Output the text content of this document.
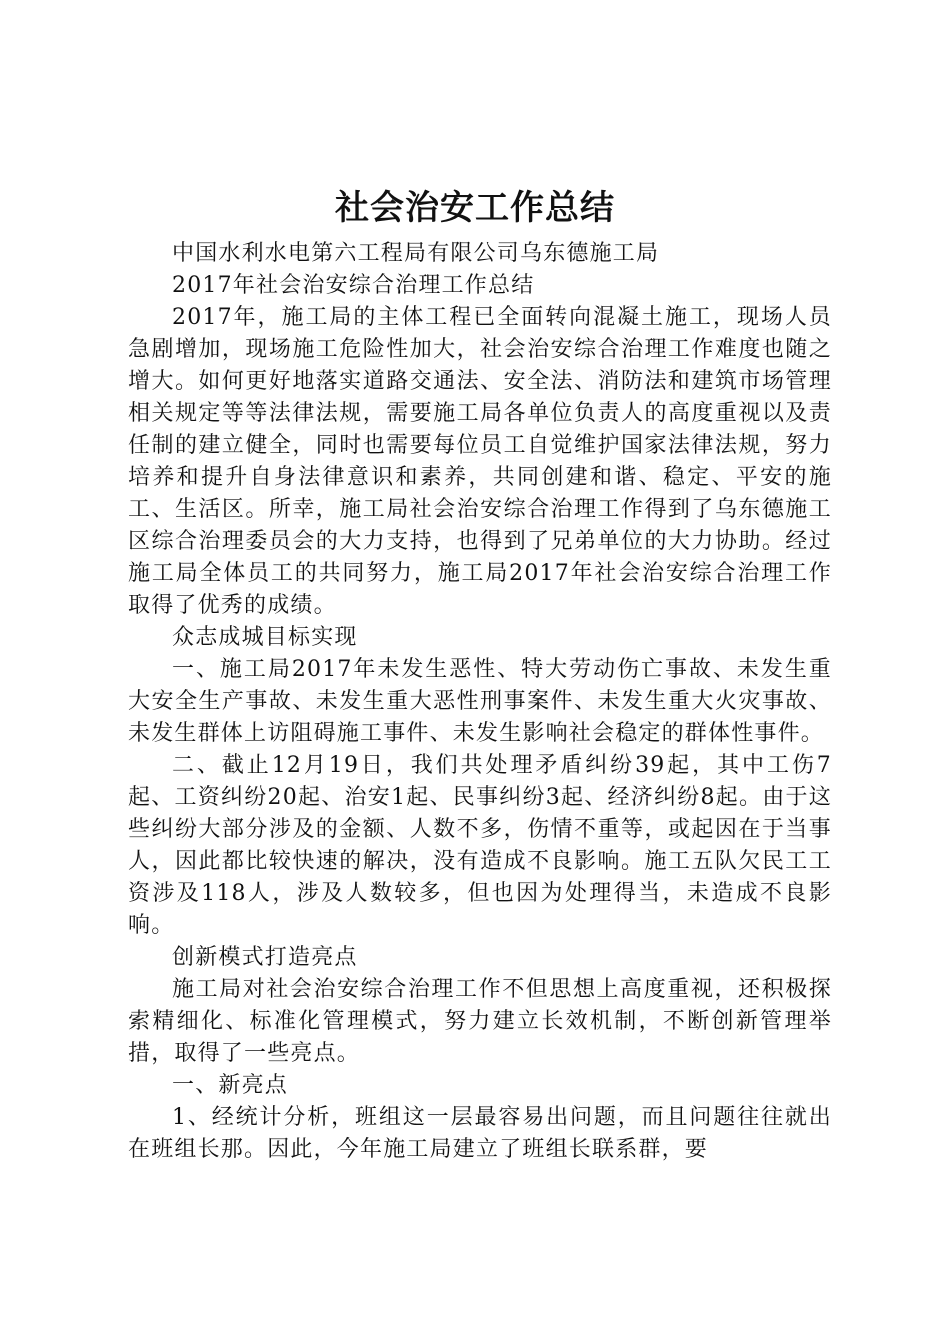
社会治安工作总结

中国水利水电第六工程局有限公司乌东德施工局

2017年社会治安综合治理工作总结

2017年，施工局的主体工程已全面转向混凝土施工，现场人员急剧增加，现场施工危险性加大，社会治安综合治理工作难度也随之增大。如何更好地落实道路交通法、安全法、消防法和建筑市场管理相关规定等等法律法规，需要施工局各单位负责人的高度重视以及责任制的建立健全，同时也需要每位员工自觉维护国家法律法规，努力培养和提升自身法律意识和素养，共同创建和谐、稳定、平安的施工、生活区。所幸，施工局社会治安综合治理工作得到了乌东德施工区综合治理委员会的大力支持，也得到了兄弟单位的大力协助。经过施工局全体员工的共同努力，施工局2017年社会治安综合治理工作取得了优秀的成绩。

众志成城目标实现

一、施工局2017年未发生恶性、特大劳动伤亡事故、未发生重大安全生产事故、未发生重大恶性刑事案件、未发生重大火灾事故、未发生群体上访阻碍施工事件、未发生影响社会稳定的群体性事件。

二、截止12月19日，我们共处理矛盾纠纷39起，其中工伤7起、工资纠纷20起、治安1起、民事纠纷3起、经济纠纷8起。由于这些纠纷大部分涉及的金额、人数不多，伤情不重等，或起因在于当事人，因此都比较快速的解决，没有造成不良影响。施工五队欠民工工资涉及118人，涉及人数较多，但也因为处理得当，未造成不良影响。

创新模式打造亮点

施工局对社会治安综合治理工作不但思想上高度重视，还积极探索精细化、标准化管理模式，努力建立长效机制，不断创新管理举措，取得了一些亮点。

一、新亮点

1、经统计分析，班组这一层最容易出问题，而且问题往往就出在班组长那。因此，今年施工局建立了班组长联系群，要
